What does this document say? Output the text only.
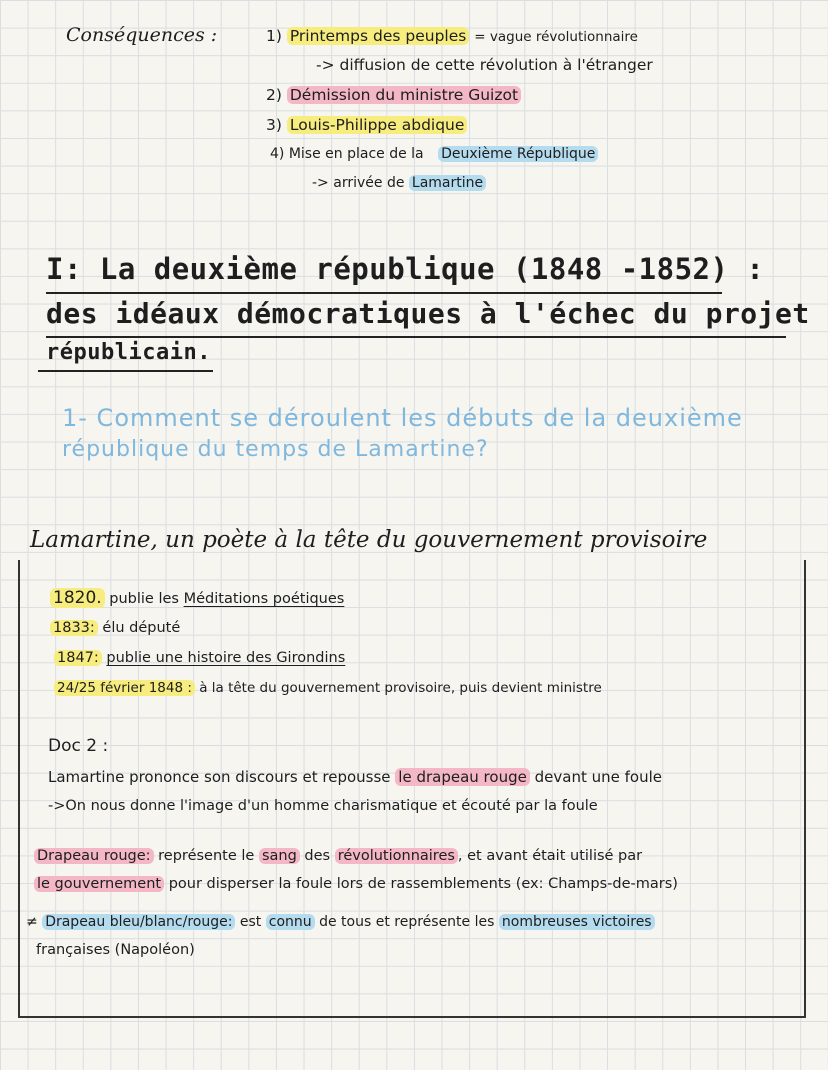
Conséquences :	1) Printemps des peuples = vague révolutionnaire
-> diffusion de cette révolution à l'étranger
2) Démission du ministre Guizot
3) Louis-Philippe abdique
4) Mise en place de la Deuxième République
-> arrivée de Lamartine
I: La deuxième république (1848 -1852) :
des idéaux démocratiques à l'échec du projet
républicain.
1- Comment se déroulent les débuts de la deuxième
république du temps de Lamartine?
Lamartine, un poète à la tête du gouvernement provisoire
1820. publie les Méditations poétiques
1833: élu député
1847: publie une histoire des Girondins
24/25 février 1848 : à la tête du gouvernement provisoire, puis devient ministre
Doc 2 :
Lamartine prononce son discours et repousse le drapeau rouge devant une foule
->On nous donne l'image d'un homme charismatique et écouté par la foule
Drapeau rouge: représente le sang des révolutionnaires , et avant était utilisé par
le gouvernement pour disperser la foule lors de rassemblements (ex: Champs-de-mars)
≠ Drapeau bleu/blanc/rouge: est connu de tous et représente les nombreuses victoires
françaises (Napoléon)
